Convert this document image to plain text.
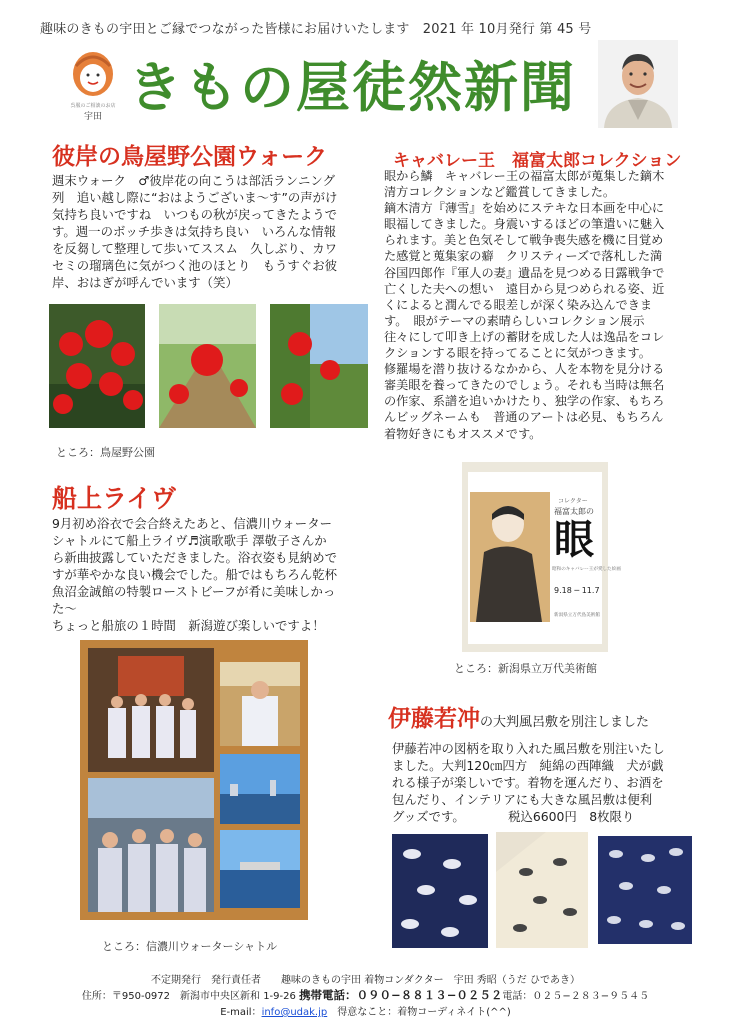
趣味のきもの宇田とご縁でつながった皆様にお届けいたします　2021 年 10月発行 第 45 号
呉服のご相談のお店
宇田 きもの屋徒然新聞
彼岸の鳥屋野公園ウォーク

週末ウォーク　♂彼岸花の向こうは部活ランニング

列　追い越し際に“おはようございま～す”の声がけ

気持ち良いですね　いつもの秋が戻ってきたようで

す。週一のボッチ歩きは気持ち良い　いろんな情報

を反芻して整理して歩いてススム　久しぶり、カワ

セミの瑠璃色に気がつく池のほとり　もうすぐお彼

岸、おはぎが呼んでいます（笑）

ところ：鳥屋野公園
船上ライヴ

9月初め浴衣で会合終えたあと、信濃川ウォーター

シャトルにて船上ライヴ♬演歌歌手 澤敬子さんか

ら新曲披露していただきました。浴衣姿も見納めで

すが華やかな良い機会でした。船ではもちろん乾杯

魚沼金誠館の特製ローストビーフが肴に美味しかっ

た～

ちょっと船旅の１時間　新潟遊び楽しいですよ！

ところ：信濃川ウォーターシャトル
キャバレー王　福富太郎コレクション

眼から鱗　キャバレー王の福富太郎が蒐集した鏑木

清方コレクションなど鑑賞してきました。

鏑木清方『薄雪』を始めにステキな日本画を中心に

眼福してきました。身震いするほどの筆遣いに魅入

られます。美と色気そして戦争喪失感を機に目覚め

た感覚と蒐集家の癖　クリスティーズで落札した満

谷国四郎作『軍人の妻』遺品を見つめる日露戦争で

亡くした夫への想い　遠目から見つめられる姿、近

くによると潤んでる眼差しが深く染み込んできま

す。　眼がテーマの素晴らしいコレクション展示

往々にして叩き上げの蓄財を成した人は逸品をコレ

クションする眼を持ってることに気がつきます。

修羅場を潜り抜けるなかから、人を本物を見分ける

審美眼を養ってきたのでしょう。それも当時は無名

の作家、系譜を追いかけたり、独学の作家、もちろ

んビッグネームも　普通のアートは必見、もちろん

着物好きにもオススメです。

コレクター
福富太郎の
眼
昭和のキャバレー王が愛した絵画
9.18 ─ 11.7
新潟県立万代島美術館
ところ：新潟県立万代美術館
伊藤若冲の大判風呂敷を別注しました

伊藤若冲の図柄を取り入れた風呂敷を別注いたし

ました。大判120㎝四方　純綿の西陣織　犬が戯

れる様子が楽しいです。着物を運んだり、お酒を

包んだり、インテリアにも大きな風呂敷は便利

グッズです。　　　　税込6600円　8枚限り

不定期発行　発行責任者　　趣味のきもの宇田 着物コンダクター　宇田 秀昭（うだ ひであき）
住所：〒950-0972　新潟市中央区新和 1-9-26 携帯電話：０９０−８８１３−０２５２電話：０２５−２８３−９５４５
E-mail：info@udak.jp　得意なこと：着物コーディネイト(^^)
